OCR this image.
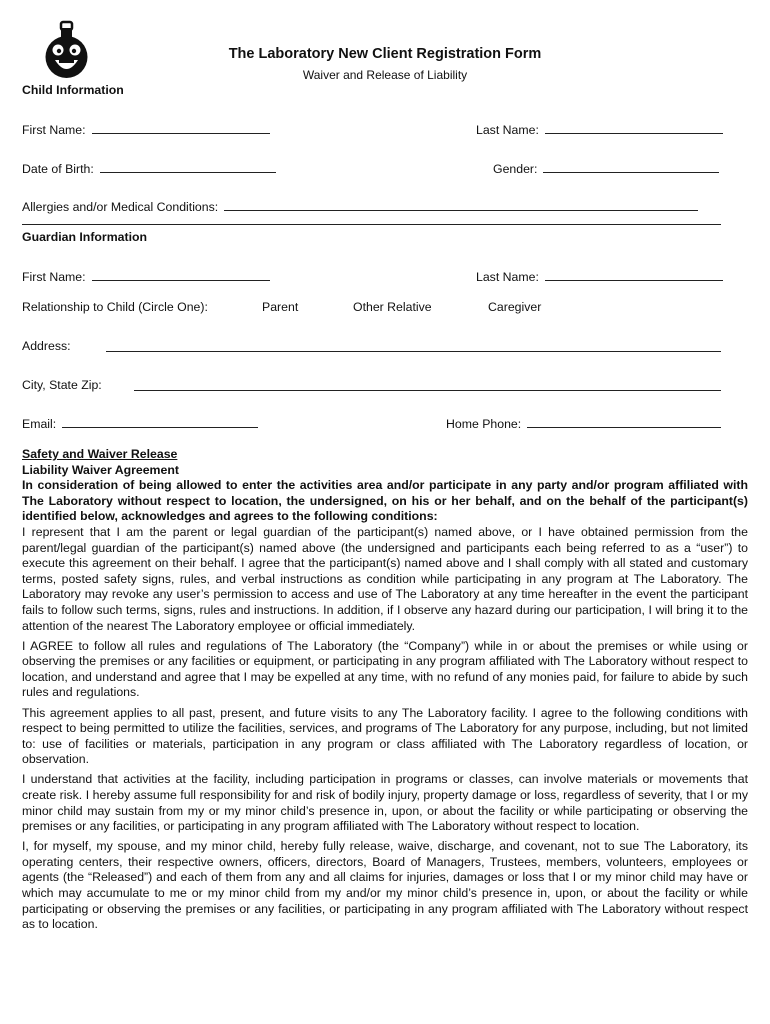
The Laboratory New Client Registration Form
Waiver and Release of Liability
Child Information
First Name:	Last Name:
Date of Birth:	Gender:
Allergies and/or Medical Conditions:
Guardian Information
First Name:	Last Name:
Relationship to Child (Circle One):	Parent	Other Relative	Caregiver
Address:
City, State Zip:
Email:	Home Phone:
Safety and Waiver Release
Liability Waiver Agreement

In consideration of being allowed to enter the activities area and/or participate in any party and/or program affiliated with The Laboratory without respect to location, the undersigned, on his or her behalf, and on the behalf of the participant(s) identified below, acknowledges and agrees to the following conditions:

I represent that I am the parent or legal guardian of the participant(s) named above, or I have obtained permission from the parent/legal guardian of the participant(s) named above (the undersigned and participants each being referred to as a “user”) to execute this agreement on their behalf. I agree that the participant(s) named above and I shall comply with all stated and customary terms, posted safety signs, rules, and verbal instructions as condition while participating in any program at The Laboratory. The Laboratory may revoke any user’s permission to access and use of The Laboratory at any time hereafter in the event the participant fails to follow such terms, signs, rules and instructions. In addition, if I observe any hazard during our participation, I will bring it to the attention of the nearest The Laboratory employee or official immediately.

I AGREE to follow all rules and regulations of The Laboratory (the “Company”) while in or about the premises or while using or observing the premises or any facilities or equipment, or participating in any program affiliated with The Laboratory without respect to location, and understand and agree that I may be expelled at any time, with no refund of any monies paid, for failure to abide by such rules and regulations.

This agreement applies to all past, present, and future visits to any The Laboratory facility. I agree to the following conditions with respect to being permitted to utilize the facilities, services, and programs of The Laboratory for any purpose, including, but not limited to: use of facilities or materials, participation in any program or class affiliated with The Laboratory regardless of location, or observation.

I understand that activities at the facility, including participation in programs or classes, can involve materials or movements that create risk. I hereby assume full responsibility for and risk of bodily injury, property damage or loss, regardless of severity, that I or my minor child may sustain from my or my minor child’s presence in, upon, or about the facility or while participating or observing the premises or any facilities, or participating in any program affiliated with The Laboratory without respect to location.

I, for myself, my spouse, and my minor child, hereby fully release, waive, discharge, and covenant, not to sue The Laboratory, its operating centers, their respective owners, officers, directors, Board of Managers, Trustees, members, volunteers, employees or agents (the “Released”) and each of them from any and all claims for injuries, damages or loss that I or my minor child may have or which may accumulate to me or my minor child from my and/or my minor child’s presence in, upon, or about the facility or while participating or observing the premises or any facilities, or participating in any program affiliated with The Laboratory without respect as to location.
